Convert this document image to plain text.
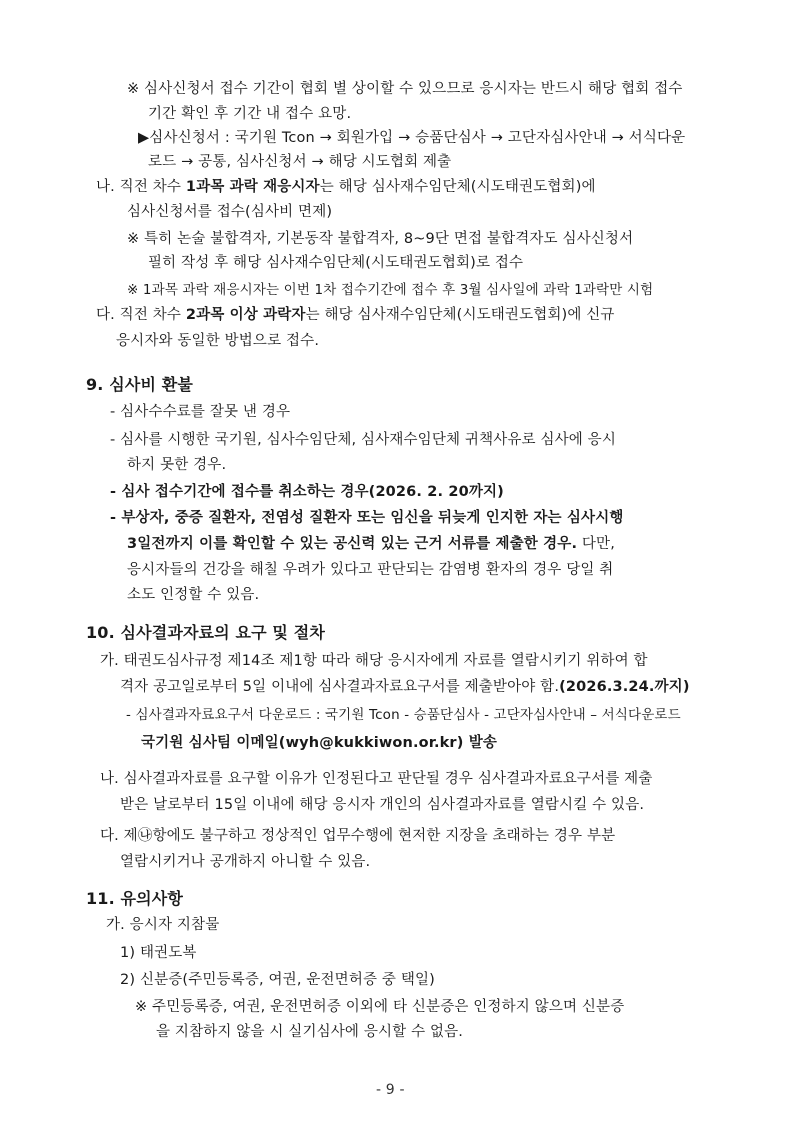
※ 심사신청서 접수 기간이 협회 별 상이할 수 있으므로 응시자는 반드시 해당 협회 접수
기간 확인 후 기간 내 접수 요망.
▶심사신청서 : 국기원 Tcon → 회원가입 → 승품단심사 → 고단자심사안내 → 서식다운
로드 → 공통, 심사신청서 → 해당 시도협회 제출
나. 직전 차수 1과목 과락 재응시자는 해당 심사재수임단체(시도태권도협회)에
심사신청서를 접수(심사비 면제)
※ 특히 논술 불합격자, 기본동작 불합격자, 8~9단 면접 불합격자도 심사신청서
필히 작성 후 해당 심사재수임단체(시도태권도협회)로 접수
※ 1과목 과락 재응시자는 이번 1차 접수기간에 접수 후 3월 심사일에 과락 1과락만 시험
다. 직전 차수 2과목 이상 과락자는 해당 심사재수임단체(시도태권도협회)에 신규
응시자와 동일한 방법으로 접수.
9. 심사비 환불
- 심사수수료를 잘못 낸 경우
- 심사를 시행한 국기원, 심사수임단체, 심사재수임단체 귀책사유로 심사에 응시
하지 못한 경우.
- 심사 접수기간에 접수를 취소하는 경우(2026. 2. 20까지)
- 부상자, 중증 질환자, 전염성 질환자 또는 임신을 뒤늦게 인지한 자는 심사시행
3일전까지 이를 확인할 수 있는 공신력 있는 근거 서류를 제출한 경우. 다만,
응시자들의 건강을 해칠 우려가 있다고 판단되는 감염병 환자의 경우 당일 취
소도 인정할 수 있음.
10. 심사결과자료의 요구 및 절차
가. 태권도심사규정 제14조 제1항 따라 해당 응시자에게 자료를 열람시키기 위하여 합
격자 공고일로부터 5일 이내에 심사결과자료요구서를 제출받아야 함.(2026.3.24.까지)
- 심사결과자료요구서 다운로드 : 국기원 Tcon - 승품단심사 - 고단자심사안내 – 서식다운로드
국기원 심사팀 이메일(wyh@kukkiwon.or.kr) 발송
나. 심사결과자료를 요구할 이유가 인정된다고 판단될 경우 심사결과자료요구서를 제출
받은 날로부터 15일 이내에 해당 응시자 개인의 심사결과자료를 열람시킬 수 있음.
다. 제㉯항에도 불구하고 정상적인 업무수행에 현저한 지장을 초래하는 경우 부분
열람시키거나 공개하지 아니할 수 있음.
11. 유의사항
가. 응시자 지참물
1) 태권도복
2) 신분증(주민등록증, 여권, 운전면허증 중 택일)
※ 주민등록증, 여권, 운전면허증 이외에 타 신분증은 인정하지 않으며 신분증
을 지참하지 않을 시 실기심사에 응시할 수 없음.
- 9 -
